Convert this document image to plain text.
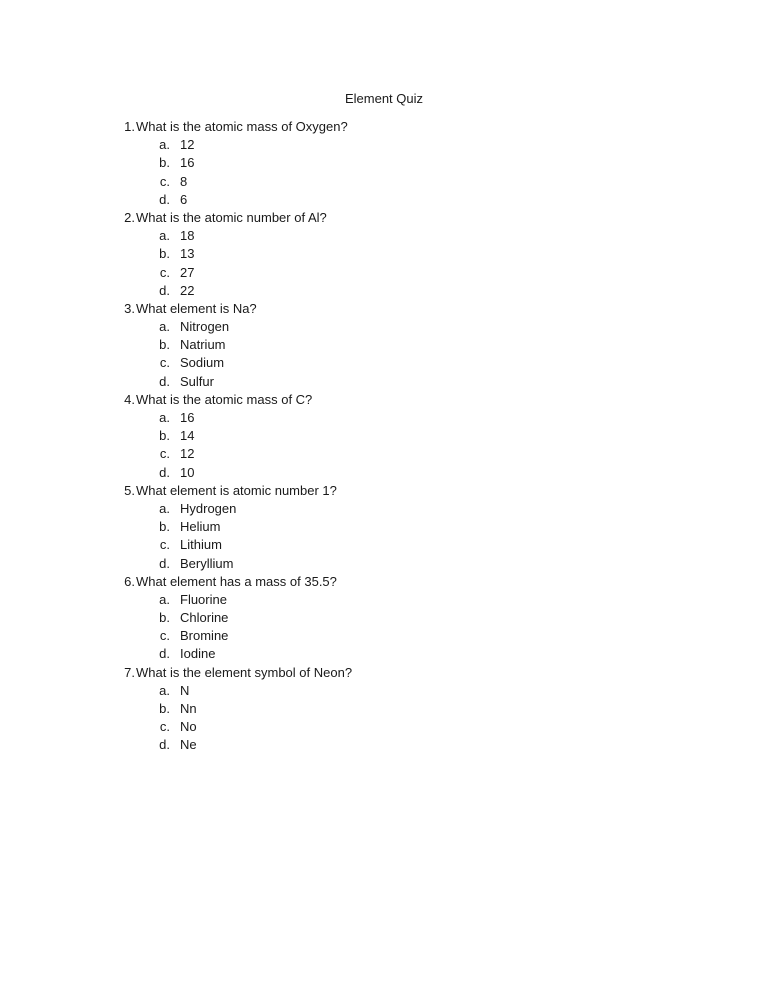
Element Quiz
1. What is the atomic mass of Oxygen?
a. 12
b. 16
c. 8
d. 6
2. What is the atomic number of Al?
a. 18
b. 13
c. 27
d. 22
3. What element is Na?
a. Nitrogen
b. Natrium
c. Sodium
d. Sulfur
4. What is the atomic mass of C?
a. 16
b. 14
c. 12
d. 10
5. What element is atomic number 1?
a. Hydrogen
b. Helium
c. Lithium
d. Beryllium
6. What element has a mass of 35.5?
a. Fluorine
b. Chlorine
c. Bromine
d. Iodine
7. What is the element symbol of Neon?
a. N
b. Nn
c. No
d. Ne
